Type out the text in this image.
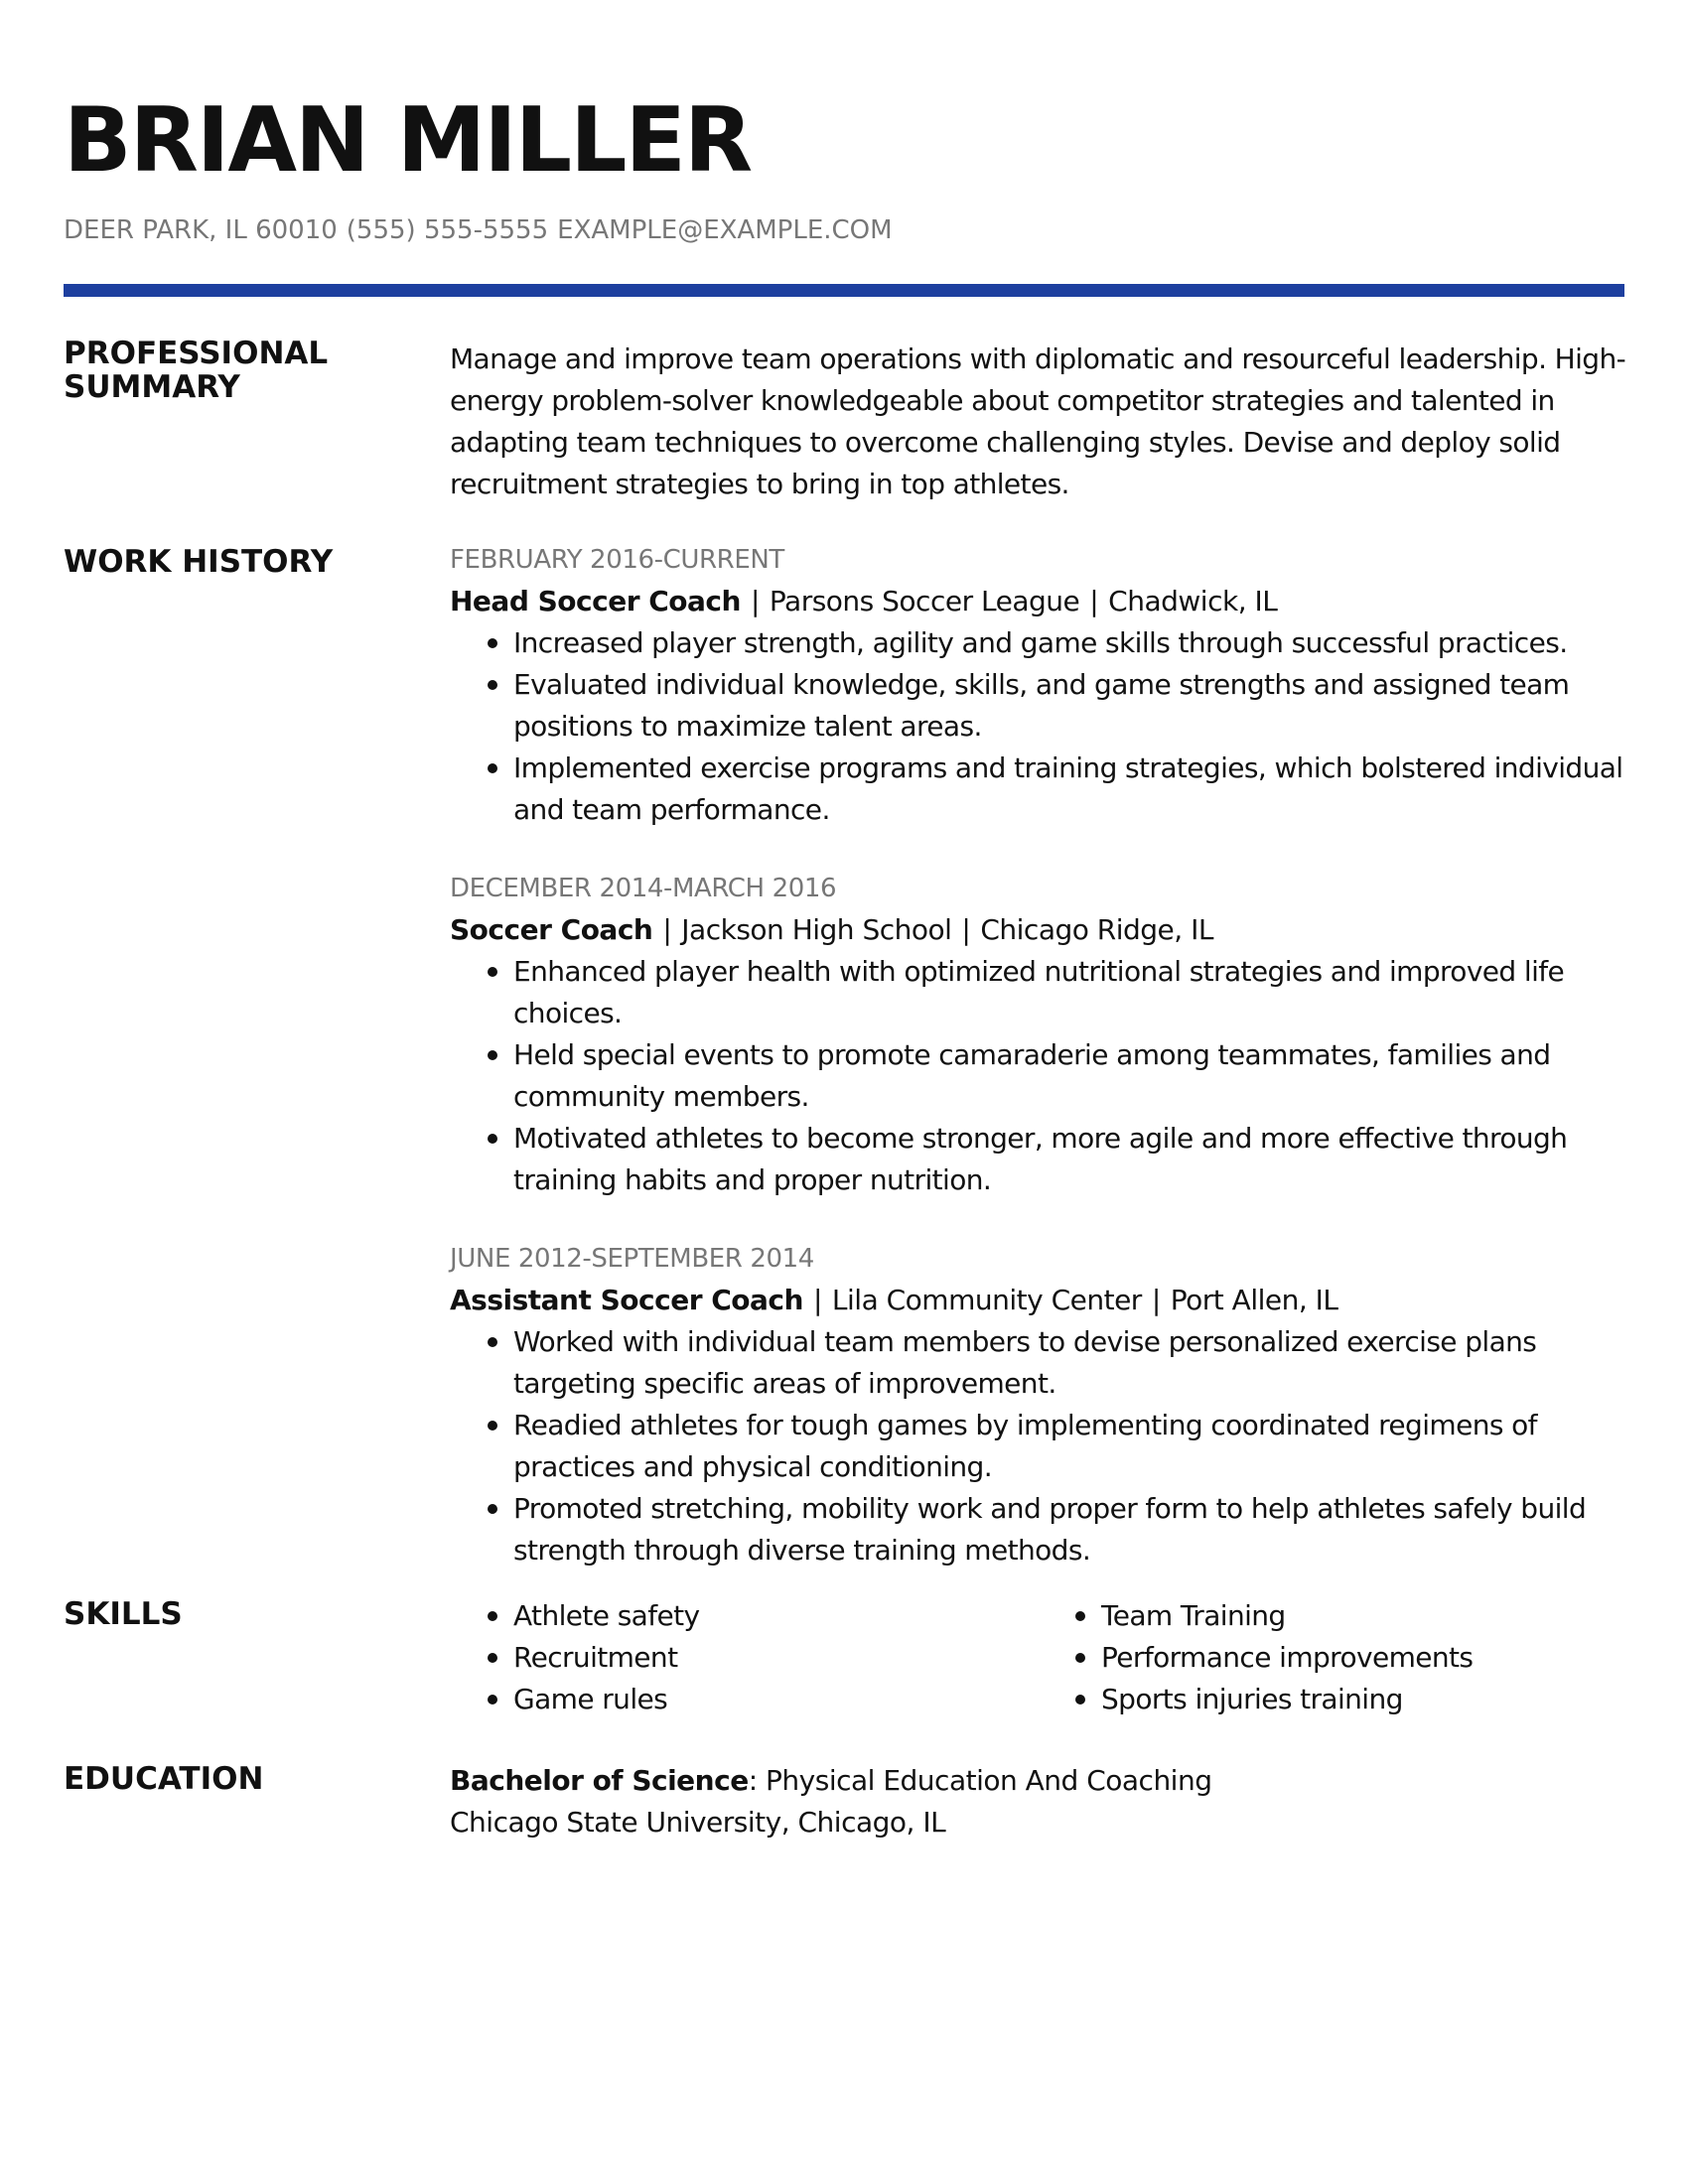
BRIAN MILLER
DEER PARK, IL 60010 (555) 555-5555 EXAMPLE@EXAMPLE.COM
PROFESSIONAL SUMMARY

Manage and improve team operations with diplomatic and resourceful leadership. High-energy problem-solver knowledgeable about competitor strategies and talented in adapting team techniques to overcome challenging styles. Devise and deploy solid recruitment strategies to bring in top athletes.

WORK HISTORY	FEBRUARY 2016-CURRENT
Head Soccer Coach | Parsons Soccer League | Chadwick, IL
Increased player strength, agility and game skills through successful practices.
Evaluated individual knowledge, skills, and game strengths and assigned team positions to maximize talent areas.
Implemented exercise programs and training strategies, which bolstered individual and team performance.
DECEMBER 2014-MARCH 2016
Soccer Coach | Jackson High School | Chicago Ridge, IL
Enhanced player health with optimized nutritional strategies and improved life choices.
Held special events to promote camaraderie among teammates, families and community members.
Motivated athletes to become stronger, more agile and more effective through training habits and proper nutrition.
JUNE 2012-SEPTEMBER 2014
Assistant Soccer Coach | Lila Community Center | Port Allen, IL
Worked with individual team members to devise personalized exercise plans targeting specific areas of improvement.
Readied athletes for tough games by implementing coordinated regimens of practices and physical conditioning.
Promoted stretching, mobility work and proper form to help athletes safely build strength through diverse training methods.
SKILLS	Athlete safety
Recruitment
Game rules
Team Training
Performance improvements
Sports injuries training
EDUCATION	Bachelor of Science: Physical Education And Coaching
Chicago State University, Chicago, IL
